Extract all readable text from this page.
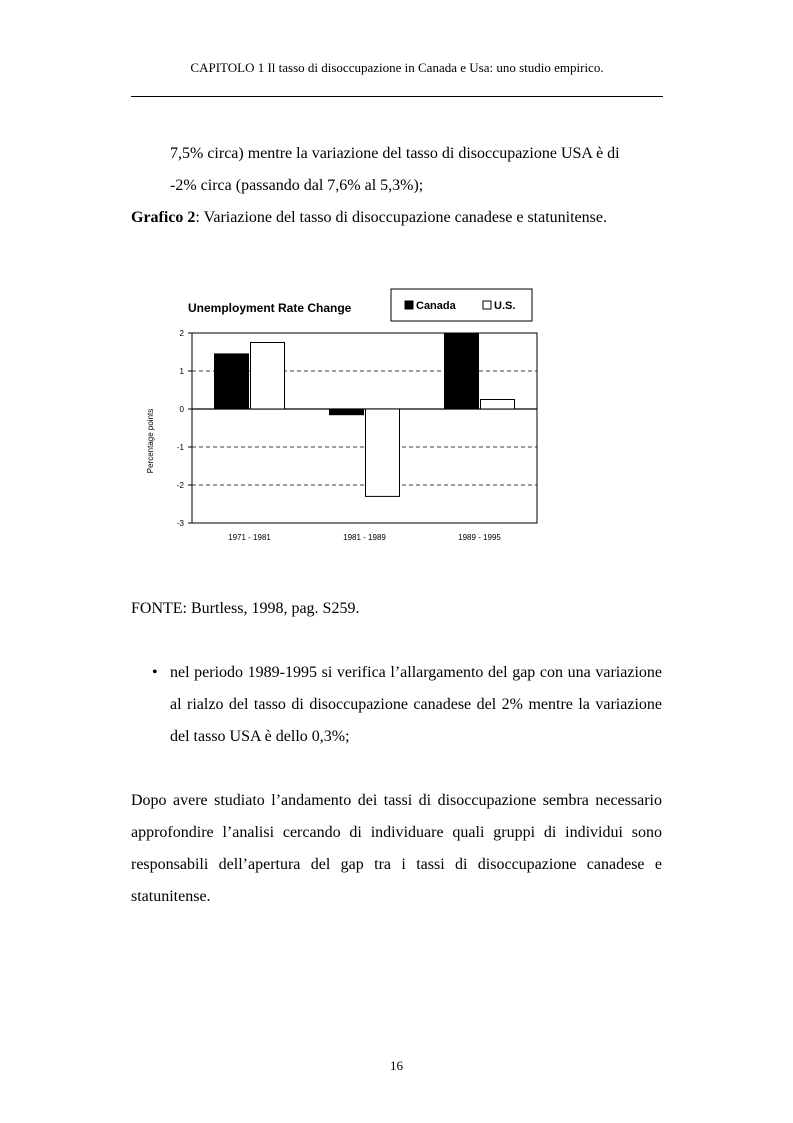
CAPITOLO 1 Il tasso di disoccupazione in Canada e Usa: uno studio empirico.

7,5% circa) mentre la variazione del tasso di disoccupazione USA è di

-2% circa (passando dal 7,6% al 5,3%);

Grafico 2: Variazione del tasso di disoccupazione canadese e statunitense.

2
1
0
-1
-2
-3
1971 - 1981	1981 - 1989	1989 - 1995
Unemployment Rate Change	Canada	U.S.
Percentage points

FONTE: Burtless, 1998, pag. S259.

• nel periodo 1989-1995 si verifica l’allargamento del gap con una variazione al rialzo del tasso di disoccupazione canadese del 2% mentre la variazione del tasso USA è dello 0,3%;

Dopo avere studiato l’andamento dei tassi di disoccupazione sembra necessario approfondire l’analisi cercando di individuare quali gruppi di individui sono responsabili dell’apertura del gap tra i tassi di disoccupazione canadese e statunitense.

16
